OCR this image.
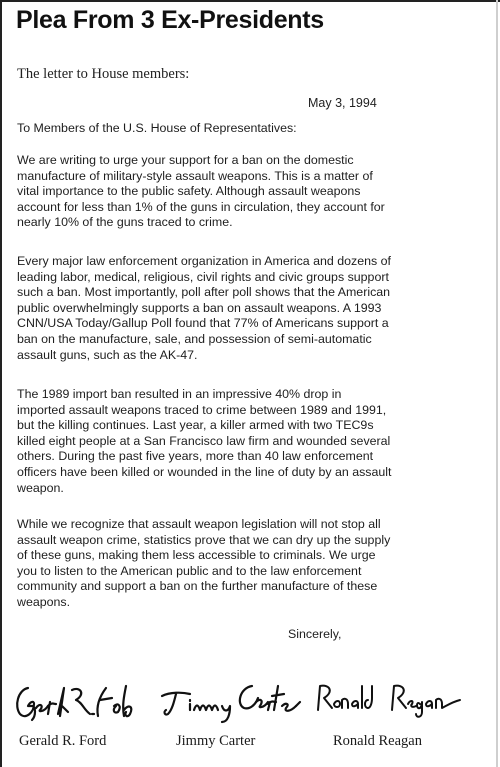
Plea From 3 Ex-Presidents
The letter to House members:
May 3, 1994
To Members of the U.S. House of Representatives:
We are writing to urge your support for a ban on the domestic
manufacture of military-style assault weapons. This is a matter of
vital importance to the public safety. Although assault weapons
account for less than 1% of the guns in circulation, they account for
nearly 10% of the guns traced to crime.
Every major law enforcement organization in America and dozens of
leading labor, medical, religious, civil rights and civic groups support
such a ban. Most importantly, poll after poll shows that the American
public overwhelmingly supports a ban on assault weapons. A 1993
CNN/USA Today/Gallup Poll found that 77% of Americans support a
ban on the manufacture, sale, and possession of semi-automatic
assault guns, such as the AK-47.
The 1989 import ban resulted in an impressive 40% drop in
imported assault weapons traced to crime between 1989 and 1991,
but the killing continues. Last year, a killer armed with two TEC9s
killed eight people at a San Francisco law firm and wounded several
others. During the past five years, more than 40 law enforcement
officers have been killed or wounded in the line of duty by an assault
weapon.
While we recognize that assault weapon legislation will not stop all
assault weapon crime, statistics prove that we can dry up the supply
of these guns, making them less accessible to criminals. We urge
you to listen to the American public and to the law enforcement
community and support a ban on the further manufacture of these
weapons.
Sincerely,
Gerald R. Ford	Jimmy Carter	Ronald Reagan
